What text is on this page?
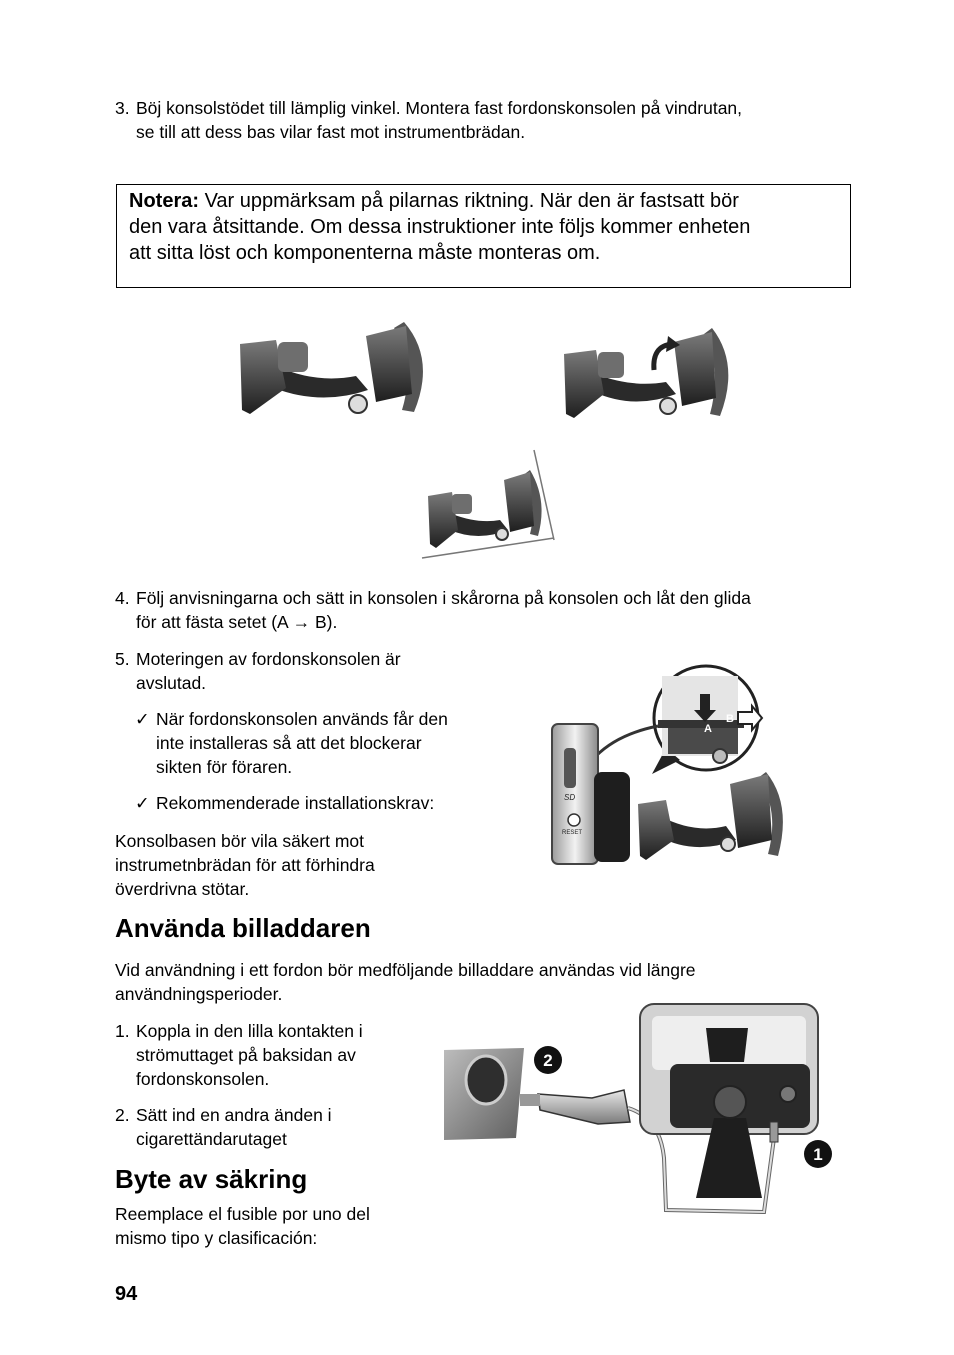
3. Böj konsolstödet till lämplig vinkel. Montera fast fordonskonsolen på vindrutan,
se till att dess bas vilar fast mot instrumentbrädan.
Notera: Var uppmärksam på pilarnas riktning. När den är fastsatt bör
den vara åtsittande. Om dessa instruktioner inte följs kommer enheten
att sitta löst och komponenterna måste monteras om.
4. Följ anvisningarna och sätt in konsolen i skårorna på konsolen och låt den glida
för att fästa setet (A → B).
5. Moteringen av fordonskonsolen är
avslutad.
✓ När fordonskonsolen används får den
inte installeras så att det blockerar
sikten för föraren.
✓ Rekommenderade installationskrav:
Konsolbasen bör vila säkert mot
instrumetnbrädan för att förhindra
överdrivna stötar.
A
B
SD
RESET
Använda billaddaren
Vid användning i ett fordon bör medföljande billaddare användas vid längre
användningsperioder.
1. Koppla in den lilla kontakten i
strömuttaget på baksidan av
fordonskonsolen.
2. Sätt ind en andra änden i
cigarettändarutaget
Byte av säkring
Reemplace el fusible por uno del
mismo tipo y clasificación:
2
1
94
